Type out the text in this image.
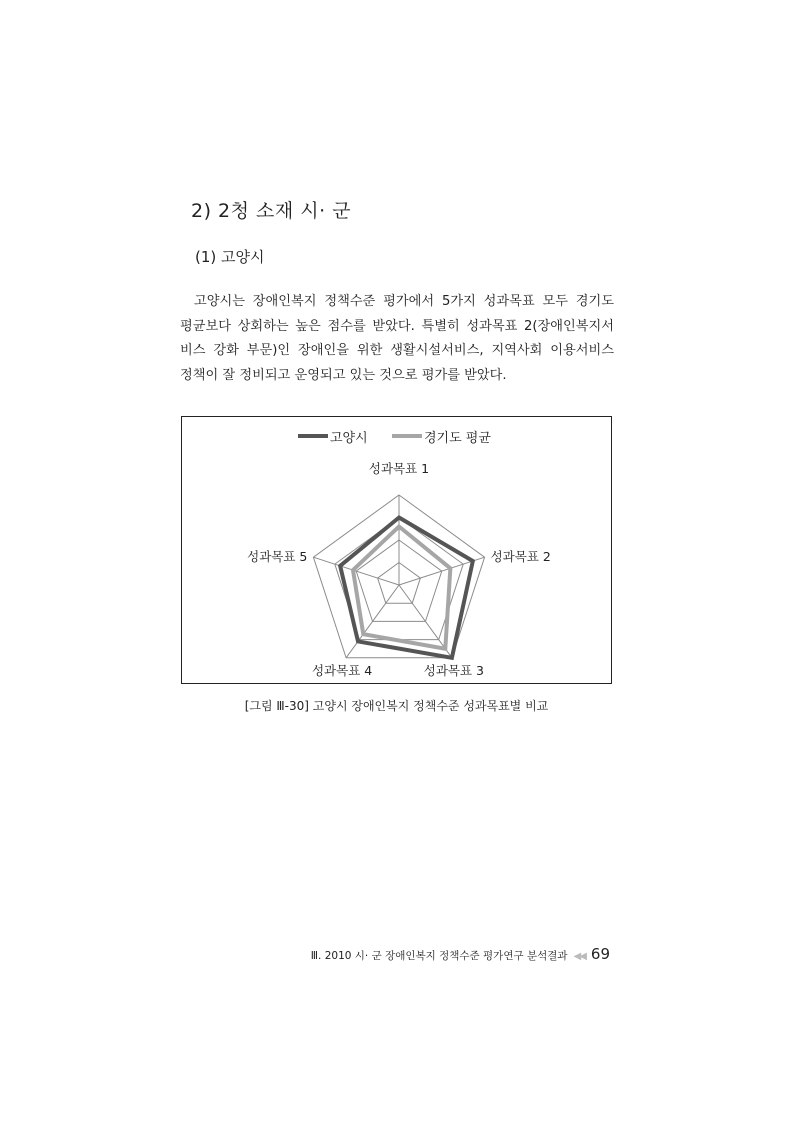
2) 2청 소재 시· 군
(1) 고양시
고양시는 장애인복지 정책수준 평가에서 5가지 성과목표 모두 경기도
평균보다 상회하는 높은 점수를 받았다. 특별히 성과목표 2(장애인복지서
비스 강화 부문)인 장애인을 위한 생활시설서비스, 지역사회 이용서비스
정책이 잘 정비되고 운영되고 있는 것으로 평가를 받았다.
고양시	경기도 평균
성과목표 1
성과목표 2
성과목표 3
성과목표 4
성과목표 5
[그림 Ⅲ-30] 고양시 장애인복지 정책수준 성과목표별 비교
Ⅲ. 2010 시· 군 장애인복지 정책수준 평가연구 분석결과 ◀◀ 69
